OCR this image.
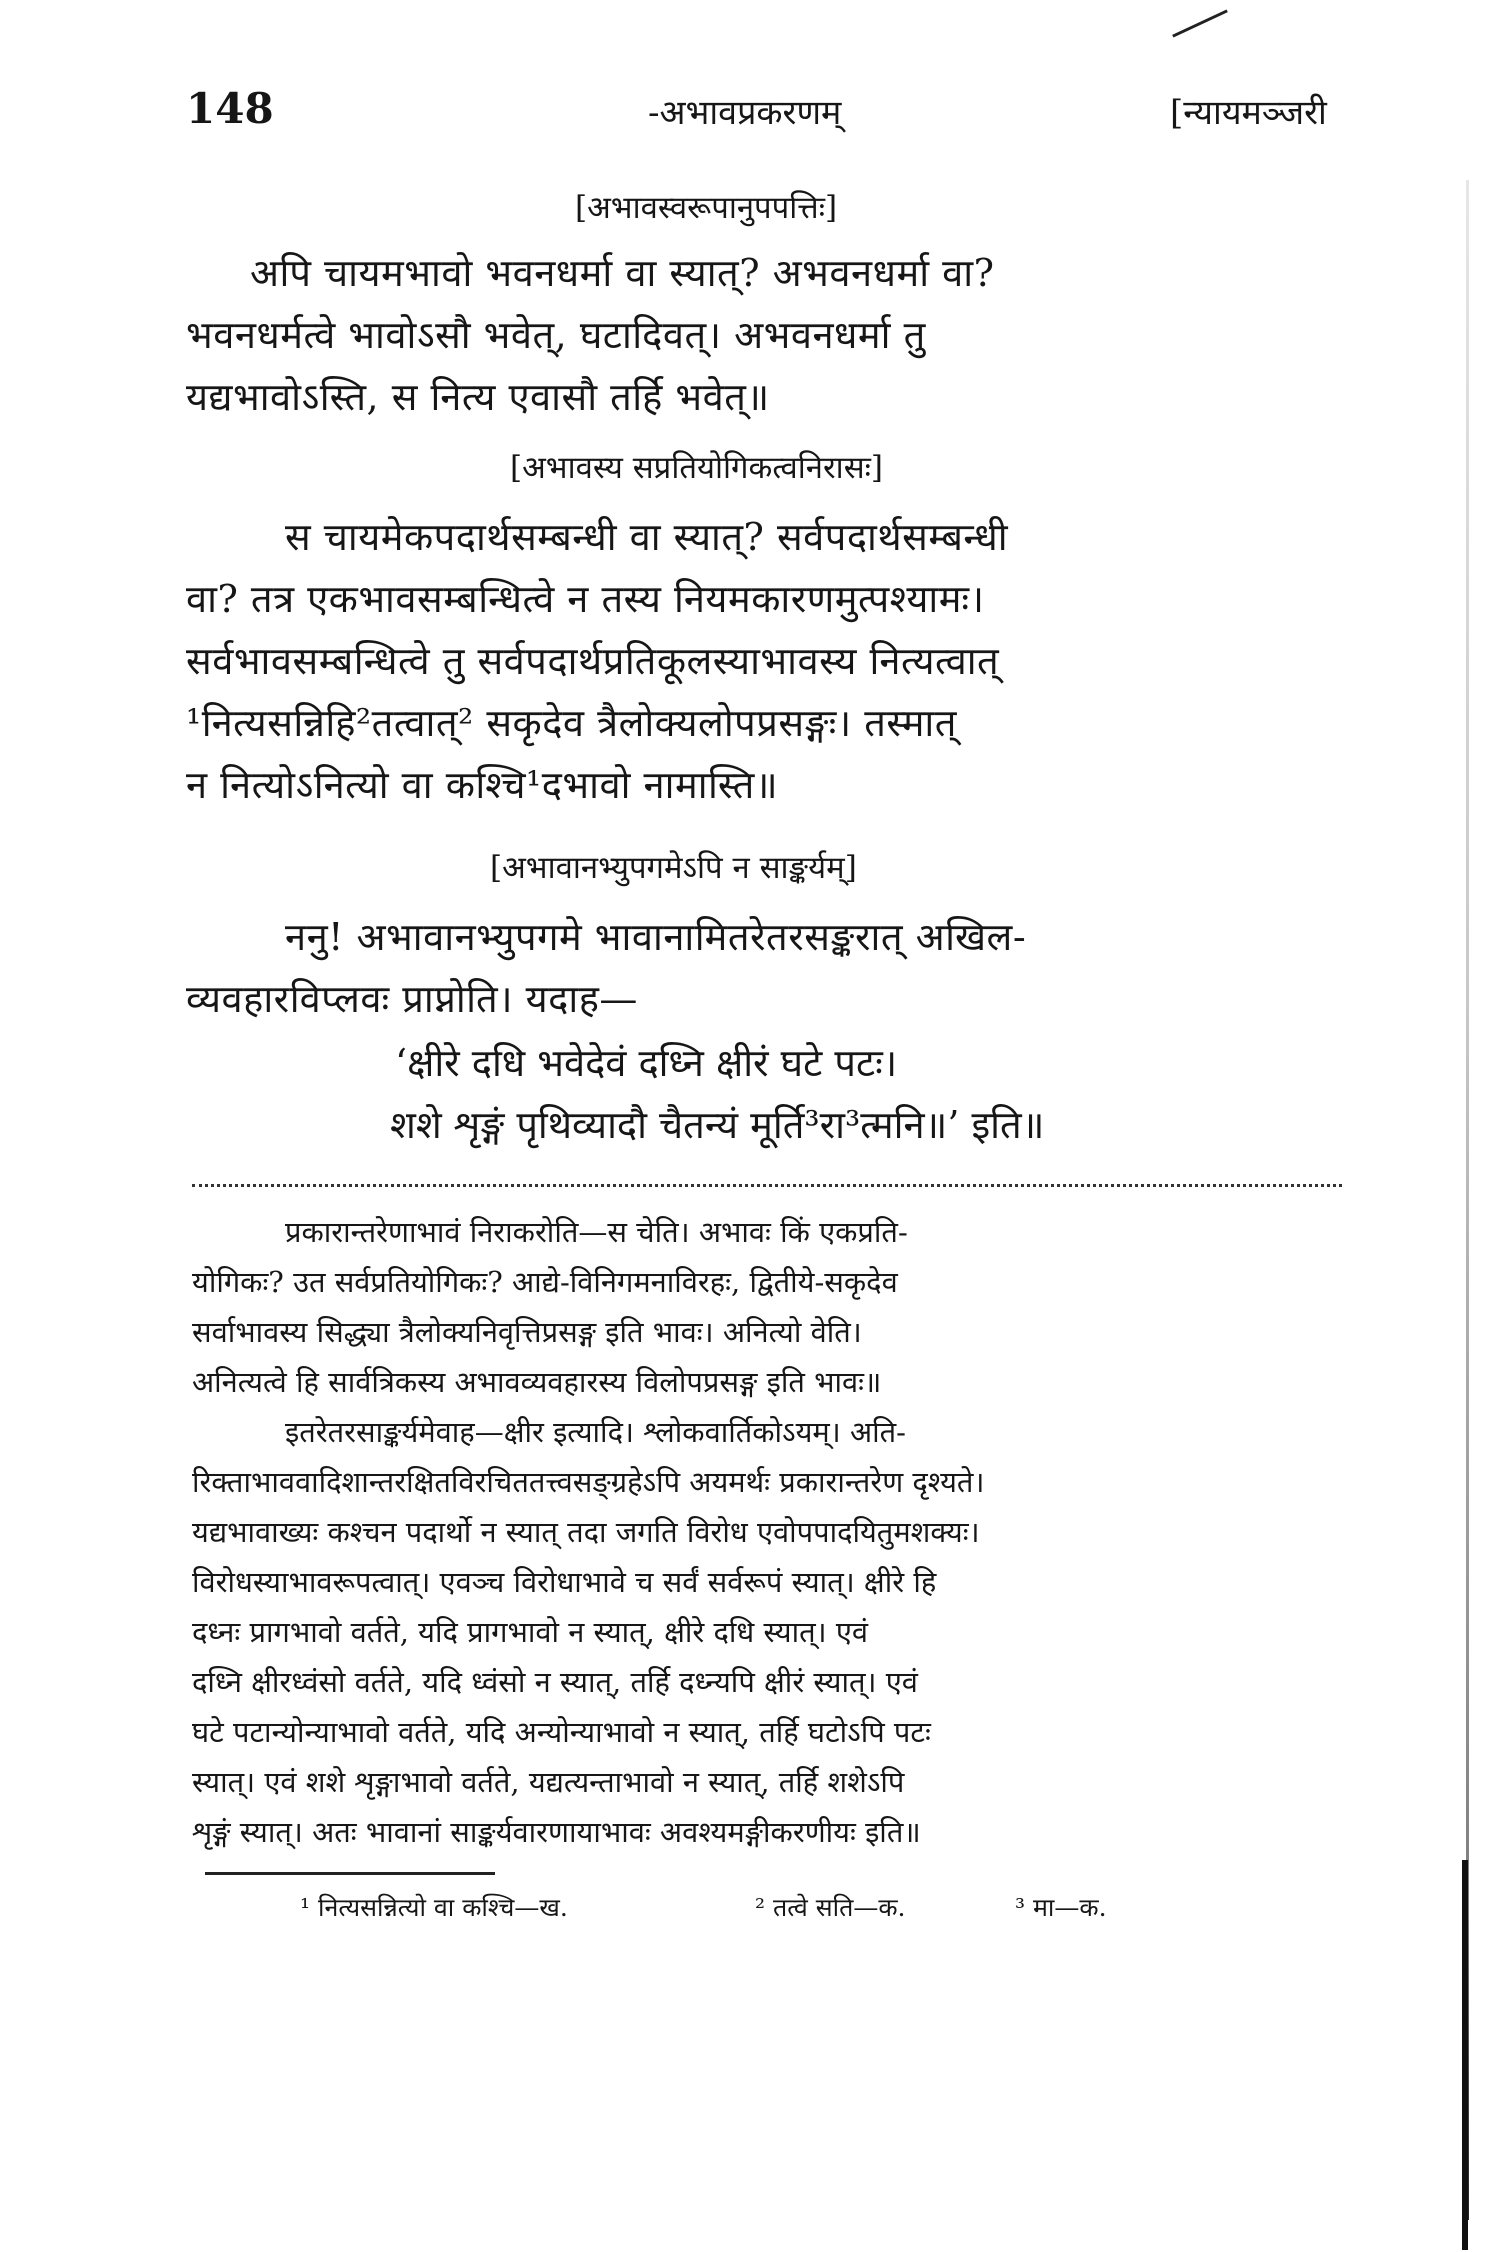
148	-अभावप्रकरणम्	[न्यायमञ्जरी
[अभावस्वरूपानुपपत्तिः]
अपि चायमभावो भवनधर्मा वा स्यात्? अभवनधर्मा वा?
भवनधर्मत्वे भावोऽसौ भवेत्, घटादिवत्। अभवनधर्मा तु
यद्यभावोऽस्ति, स नित्य एवासौ तर्हि भवेत्॥
[अभावस्य सप्रतियोगिकत्वनिरासः]
स चायमेकपदार्थसम्बन्धी वा स्यात्? सर्वपदार्थसम्बन्धी
वा? तत्र एकभावसम्बन्धित्वे न तस्य नियमकारणमुत्पश्यामः।
सर्वभावसम्बन्धित्वे तु सर्वपदार्थप्रतिकूलस्याभावस्य नित्यत्वात्
¹नित्यसन्निहि²तत्वात्² सकृदेव त्रैलोक्यलोपप्रसङ्गः। तस्मात्
न नित्योऽनित्यो वा कश्चि¹दभावो नामास्ति॥
[अभावानभ्युपगमेऽपि न साङ्कर्यम्]
ननु! अभावानभ्युपगमे भावानामितरेतरसङ्करात् अखिल-
व्यवहारविप्लवः प्राप्नोति। यदाह—
‘क्षीरे दधि भवेदेवं दध्नि क्षीरं घटे पटः।
शशे शृङ्गं पृथिव्यादौ चैतन्यं मूर्ति³रा³त्मनि॥’ इति॥
प्रकारान्तरेणाभावं निराकरोति—स चेति। अभावः किं एकप्रति-
योगिकः? उत सर्वप्रतियोगिकः? आद्ये-विनिगमनाविरहः, द्वितीये-सकृदेव
सर्वाभावस्य सिद्ध्या त्रैलोक्यनिवृत्तिप्रसङ्ग इति भावः। अनित्यो वेति।
अनित्यत्वे हि सार्वत्रिकस्य अभावव्यवहारस्य विलोपप्रसङ्ग इति भावः॥
इतरेतरसाङ्कर्यमेवाह—क्षीर इत्यादि। श्लोकवार्तिकोऽयम्। अति-
रिक्ताभाववादिशान्तरक्षितविरचिततत्त्वसङ्ग्रहेऽपि अयमर्थः प्रकारान्तरेण दृश्यते।
यद्यभावाख्यः कश्चन पदार्थो न स्यात् तदा जगति विरोध एवोपपादयितुमशक्यः।
विरोधस्याभावरूपत्वात्। एवञ्च विरोधाभावे च सर्वं सर्वरूपं स्यात्। क्षीरे हि
दध्नः प्रागभावो वर्तते, यदि प्रागभावो न स्यात्, क्षीरे दधि स्यात्। एवं
दध्नि क्षीरध्वंसो वर्तते, यदि ध्वंसो न स्यात्, तर्हि दध्न्यपि क्षीरं स्यात्। एवं
घटे पटान्योन्याभावो वर्तते, यदि अन्योन्याभावो न स्यात्, तर्हि घटोऽपि पटः
स्यात्। एवं शशे शृङ्गाभावो वर्तते, यद्यत्यन्ताभावो न स्यात्, तर्हि शशेऽपि
शृङ्गं स्यात्। अतः भावानां साङ्कर्यवारणायाभावः अवश्यमङ्गीकरणीयः इति॥
¹ नित्यसन्नित्यो वा कश्चि—ख.	² तत्वे सति—क.	³ मा—क.
